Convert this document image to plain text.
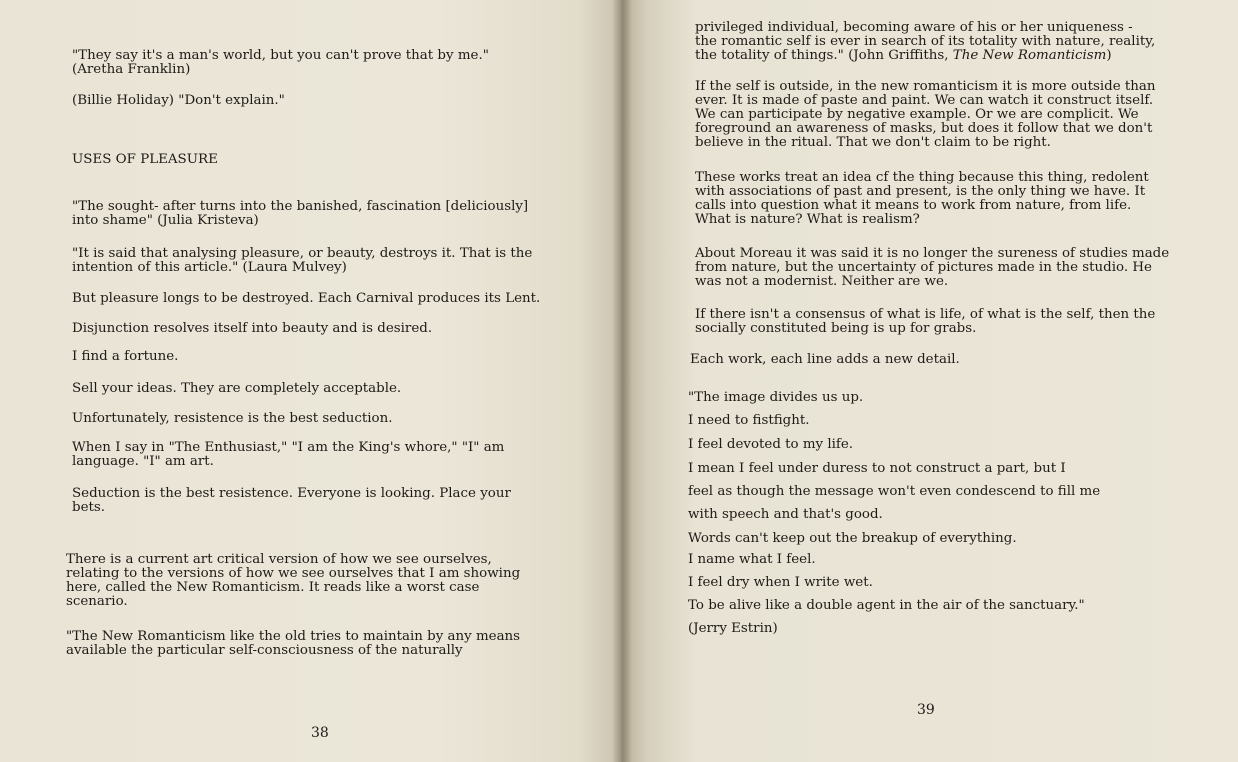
"They say it's a man's world, but you can't prove that by me."
(Aretha Franklin)
(Billie Holiday) "Don't explain."
USES OF PLEASURE
"The sought- after turns into the banished, fascination [deliciously]
into shame" (Julia Kristeva)
"It is said that analysing pleasure, or beauty, destroys it. That is the
intention of this article." (Laura Mulvey)
But pleasure longs to be destroyed. Each Carnival produces its Lent.
Disjunction resolves itself into beauty and is desired.
I find a fortune.
Sell your ideas. They are completely acceptable.
Unfortunately, resistence is the best seduction.
When I say in "The Enthusiast," "I am the King's whore," "I" am
language. "I" am art.
Seduction is the best resistence. Everyone is looking. Place your
bets.
There is a current art critical version of how we see ourselves,
relating to the versions of how we see ourselves that I am showing
here, called the New Romanticism. It reads like a worst case
scenario.
"The New Romanticism like the old tries to maintain by any means
available the particular self-consciousness of the naturally
38
privileged individual, becoming aware of his or her uniqueness -
the romantic self is ever in search of its totality with nature, reality,
the totality of things." (John Griffiths, The New Romanticism)
If the self is outside, in the new romanticism it is more outside than
ever. It is made of paste and paint. We can watch it construct itself.
We can participate by negative example. Or we are complicit. We
foreground an awareness of masks, but does it follow that we don't
believe in the ritual. That we don't claim to be right.
These works treat an idea cf the thing because this thing, redolent
with associations of past and present, is the only thing we have. It
calls into question what it means to work from nature, from life.
What is nature? What is realism?
About Moreau it was said it is no longer the sureness of studies made
from nature, but the uncertainty of pictures made in the studio. He
was not a modernist. Neither are we.
If there isn't a consensus of what is life, of what is the self, then the
socially constituted being is up for grabs.
Each work, each line adds a new detail.
"The image divides us up.
I need to fistfight.
I feel devoted to my life.
I mean I feel under duress to not construct a part, but I
feel as though the message won't even condescend to fill me
with speech and that's good.
Words can't keep out the breakup of everything.
I name what I feel.
I feel dry when I write wet.
To be alive like a double agent in the air of the sanctuary."
(Jerry Estrin)
39
